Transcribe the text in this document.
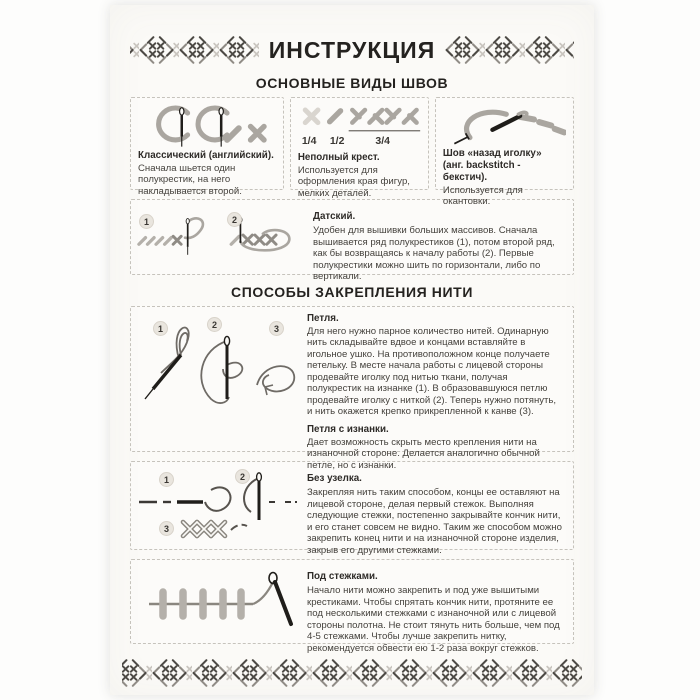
ИНСТРУКЦИЯ
ОСНОВНЫЕ ВИДЫ ШВОВ
Классический (английский).
Сначала шьется один полукрестик, на него накладывается второй.
1/4 1/2	3/4
Неполный крест.
Используется для оформления края фигур, мелких деталей.
Шов «назад иголку»
(анг. backstitch - бекстич).
Используется для окантовки.
1	2	Датский.
Удобен для вышивки больших массивов. Сначала вышивается ряд полукрестиков (1), потом второй ряд, как бы возвращаясь к началу работы (2). Первые полукрестики можно шить по горизонтали, либо по вертикали.
СПОСОБЫ ЗАКРЕПЛЕНИЯ НИТИ
1	2	3
Петля.
Для него нужно парное количество нитей. Одинарную нить складывайте вдвое и концами вставляйте в игольное ушко. На противоположном конце получаете петельку. В месте начала работы с лицевой стороны продевайте иголку под нитью ткани, получая полукрестик на изнанке (1). В образовавшуюся петлю продевайте иголку с ниткой (2). Теперь нужно потянуть, и нить окажется крепко прикрепленной к канве (3).
Петля с изнанки.
Дает возможность скрыть место крепления нити на изнаночной стороне. Делается аналогично обычной петле, но с изнанки.
1	2
3
Без узелка.
Закрепляя нить таким способом, концы ее оставляют на лицевой стороне, делая первый стежок. Выполняя следующие стежки, постепенно закрывайте кончик нити, и его станет совсем не видно. Таким же способом можно закрепить конец нити и на изнаночной стороне изделия, закрыв его другими стежками.
Под стежками.
Начало нити можно закрепить и под уже вышитыми крестиками. Чтобы спрятать кончик нити, протяните ее под несколькими стежками с изнаночной или с лицевой стороны полотна. Не стоит тянуть нить больше, чем под 4-5 стежками. Чтобы лучше закрепить нитку, рекомендуется обвести ею 1-2 раза вокруг стежков.
